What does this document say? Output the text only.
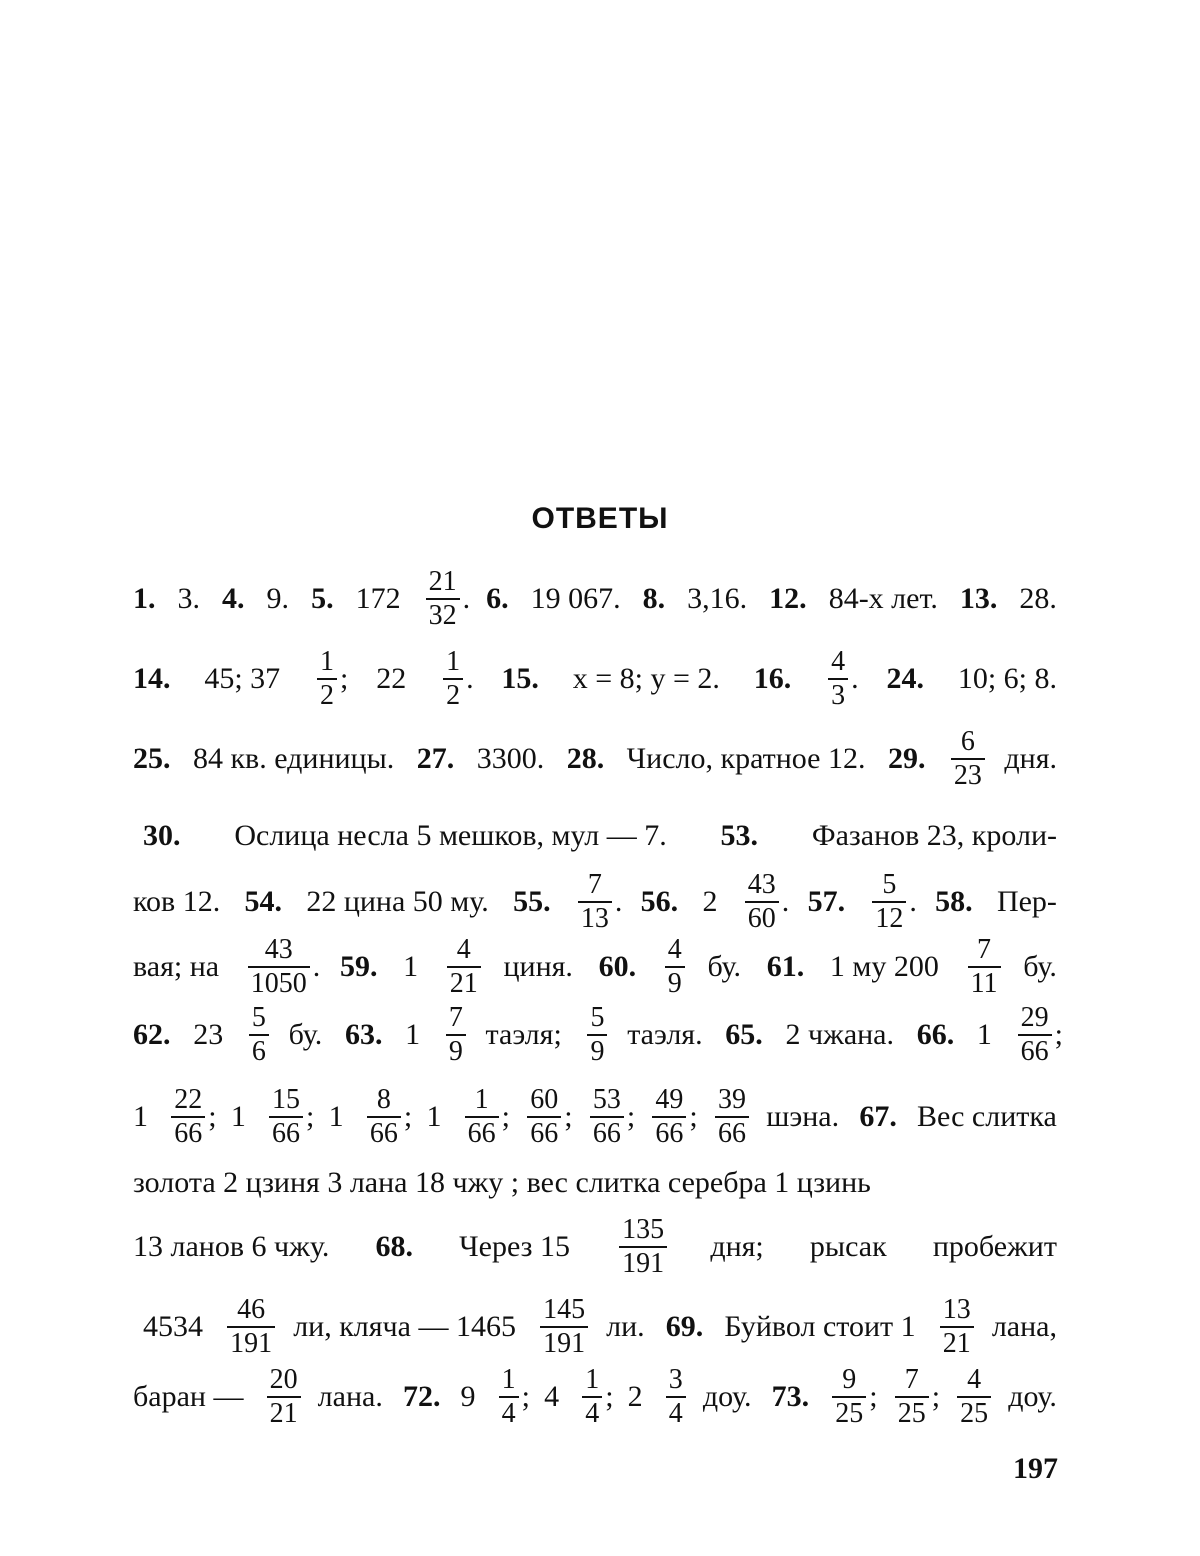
ОТВЕТЫ
1. 3. 4. 9. 5. $172 \frac{21}{32}$ . 6. 19 067. 8. 3,16. 12. 84-х лет. 13. 28.
14. 45; $37 \frac{1}{2}$ ; $22 \frac{1}{2}$ . 15. x = 8; y = 2. 16. $\frac{4}{3}$ . 24. 10; 6; 8.
25. 84 кв. единицы. 27. 3300. 28. Число, кратное 12. 29. $\frac{6}{23}$ дня.
30. Ослица несла 5 мешков, мул — 7. 53. Фазанов 23, кроли-
ков 12. 54. 22 цина 50 му. 55. $\frac{7}{13}$ . 56. $2 \frac{43}{60}$ . 57. $\frac{5}{12}$ . 58. Пер-
вая; на $\frac{43}{1050}$ . 59. $1 \frac{4}{21}$ циня. 60. $\frac{4}{9}$ бу. 61. 1 му $200 \frac{7}{11}$ бу.
62. $23 \frac{5}{6}$ бу. 63. $1 \frac{7}{9}$ таэля; $\frac{5}{9}$ таэля. 65. 2 чжана. 66. $1 \frac{29}{66}$ ;
$1 \frac{22}{66}$ ; $1 \frac{15}{66}$ ; $1 \frac{8}{66}$ ; $1 \frac{1}{66}$ ; $\frac{60}{66}$ ; $\frac{53}{66}$ ; $\frac{49}{66}$ ; $\frac{39}{66}$ шэна. 67. Вес слитка
золота 2 цзиня 3 лана 18 чжу ; вес слитка серебра 1 цзинь
13 ланов 6 чжу. 68. Через $15 \frac{135}{191}$ дня; рысак пробежит
$4534 \frac{46}{191}$ ли, кляча — $1465 \frac{145}{191}$ ли. 69. Буйвол стоит $1 \frac{13}{21}$ лана,
баран — $\frac{20}{21}$ лана. 72. $9 \frac{1}{4}$ ; $4 \frac{1}{4}$ ; $2 \frac{3}{4}$ доу. 73. $\frac{9}{25}$ ; $\frac{7}{25}$ ; $\frac{4}{25}$ доу.
197
